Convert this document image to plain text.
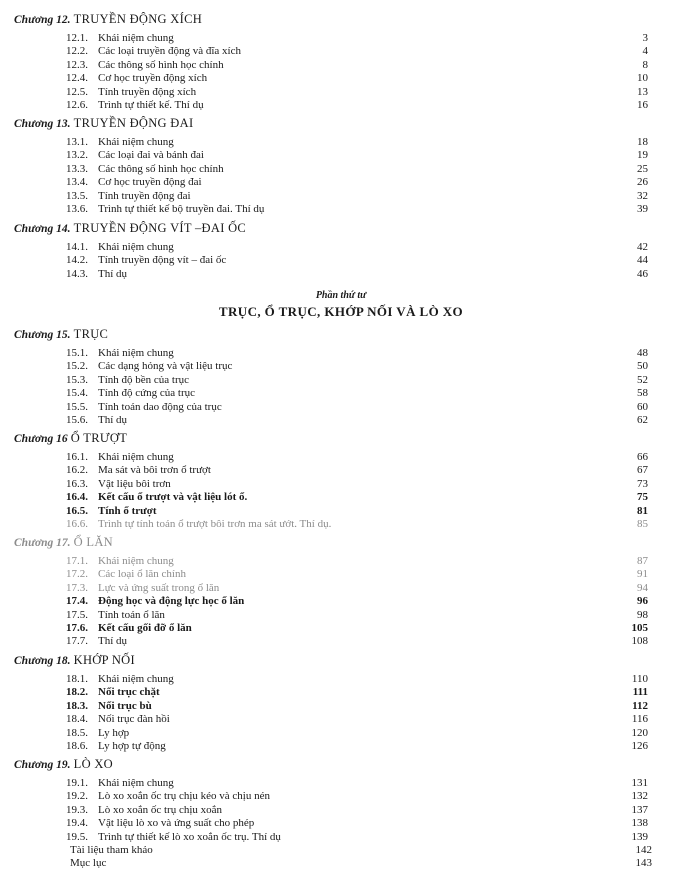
Phần thứ tư
TRỤC, Ổ TRỤC, KHỚP NỐI VÀ LÒ XO
Chương 12. TRUYỀN ĐỘNG XÍCH
12.1. Khái niệm chung	3
12.2. Các loại truyền động và đĩa xích	4
12.3. Các thông số hình học chính	8
12.4. Cơ học truyền động xích	10
12.5. Tính truyền động xích	13
12.6. Trình tự thiết kế. Thí dụ	16
Chương 13. TRUYỀN ĐỘNG ĐAI
13.1. Khái niệm chung	18
13.2. Các loại đai và bánh đai	19
13.3. Các thông số hình học chính	25
13.4. Cơ học truyền động đai	26
13.5. Tính truyền động đai	32
13.6. Trình tự thiết kế bộ truyền đai. Thí dụ	39
Chương 14. TRUYỀN ĐỘNG VÍT –ĐAI ỐC
14.1. Khái niệm chung	42
14.2. Tính truyền động vít – đai ốc	44
14.3. Thí dụ	46
Chương 15. TRỤC
15.1. Khái niệm chung	48
15.2. Các dạng hỏng và vật liệu trục	50
15.3. Tính độ bền của trục	52
15.4. Tính độ cứng của trục	58
15.5. Tính toán dao động của trục	60
15.6. Thí dụ	62
Chương 16 Ổ TRƯỢT
16.1. Khái niệm chung	66
16.2. Ma sát và bôi trơn ổ trượt	67
16.3. Vật liệu bôi trơn	73
16.4. Kết cấu ổ trượt và vật liệu lót ổ.	75
16.5. Tính ổ trượt	81
16.6. Trình tự tính toán ổ trượt bôi trơn ma sát ướt. Thí dụ.	85
Chương 17. Ổ LĂN
17.1. Khái niệm chung	87
17.2. Các loại ổ lăn chính	91
17.3. Lực và ứng suất trong ổ lăn	94
17.4. Động học và động lực học ổ lăn	96
17.5. Tính toán ổ lăn	98
17.6. Kết cấu gối đỡ ổ lăn	105
17.7. Thí dụ	108
Chương 18. KHỚP NỐI
18.1. Khái niệm chung	110
18.2. Nối trục chặt	111
18.3. Nối trục bù	112
18.4. Nối trục đàn hồi	116
18.5. Ly hợp	120
18.6. Ly hợp tự động	126
Chương 19. LÒ XO
19.1. Khái niệm chung	131
19.2. Lò xo xoắn ốc trụ chịu kéo và chịu nén	132
19.3. Lò xo xoắn ốc trụ chịu xoắn	137
19.4. Vật liệu lò xo và ứng suất cho phép	138
19.5. Trình tự thiết kế lò xo xoắn ốc trụ. Thí dụ	139
Tài liệu tham khảo	142
Mục lục	143
